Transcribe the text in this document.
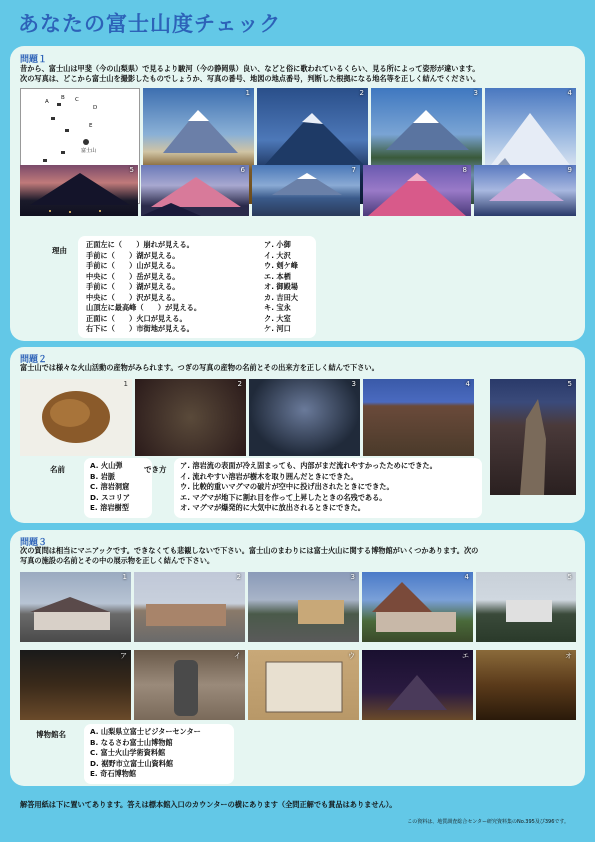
あなたの富士山度チェック
問題１
昔から、富士山は甲斐（今の山梨県）で見るより駿河（今の静岡県）良い、などと俗に歌われているくらい、見る所によって姿形が違います。
次の写真は、どこから富士山を撮影したものでしょうか、写真の番号、地図の地点番号，判断した根拠になる地名等を正しく結んでください。
A
B C
D
E
富士山
1	2	3	4
5	6	7	8	9
理由
正面左に（　　）崩れが見える。
手前に（　　）湖が見える。
手前に（　　）山が見える。
中央に（　　）岳が見える。
手前に（　　）湖が見える。
中央に（　　）沢が見える。
山頂左に最高峰（　　）が見える。
正面に（　　）火口が見える。
右下に（　　）市街地が見える。
ア. 小御
イ. 大沢
ウ. 剣ケ峰
エ. 本栖
オ. 御殿場
カ. 吉田大
キ. 宝永
ク. 大室
ケ. 河口
問題２
富士山では様々な火山活動の産物がみられます。つぎの写真の産物の名前とその出来方を正しく結んで下さい。
1	2	3	4	5
名前	A. 火山弾
B. 岩脈
C. 溶岩洞窟
D. スコリア
E. 溶岩樹型
でき方 ア. 溶岩流の表面が冷え固まっても、内部がまだ流れやすかったためにできた。
イ. 流れやすい溶岩が樹木を取り囲んだときにできた。
ウ. 比較的重いマグマの破片が空中に投げ出されたときにできた。
エ. マグマが地下に割れ目を作って上昇したときの名残である。
オ. マグマが爆発的に大気中に放出されるときにできた。
問題３
次の質問は相当にマニアックです。できなくても悲観しないで下さい。富士山のまわりには富士火山に関する博物館がいくつかあります。次の
写真の施設の名前とその中の展示物を正しく結んで下さい。
1	2	3	4	5
ア	イ	ウ	エ	オ
博物館名	A. 山梨県立富士ビジターセンター
B. なるさわ富士山博物館
C. 富士火山学術資料館
D. 裾野市立富士山資料館
E. 奇石博物館
解答用紙は下に置いてあります。答えは標本館入口のカウンターの横にあります（全問正解でも賞品はありません）。
この資料は、地質調査総合センター研究資料集のNo.395及び396です。
